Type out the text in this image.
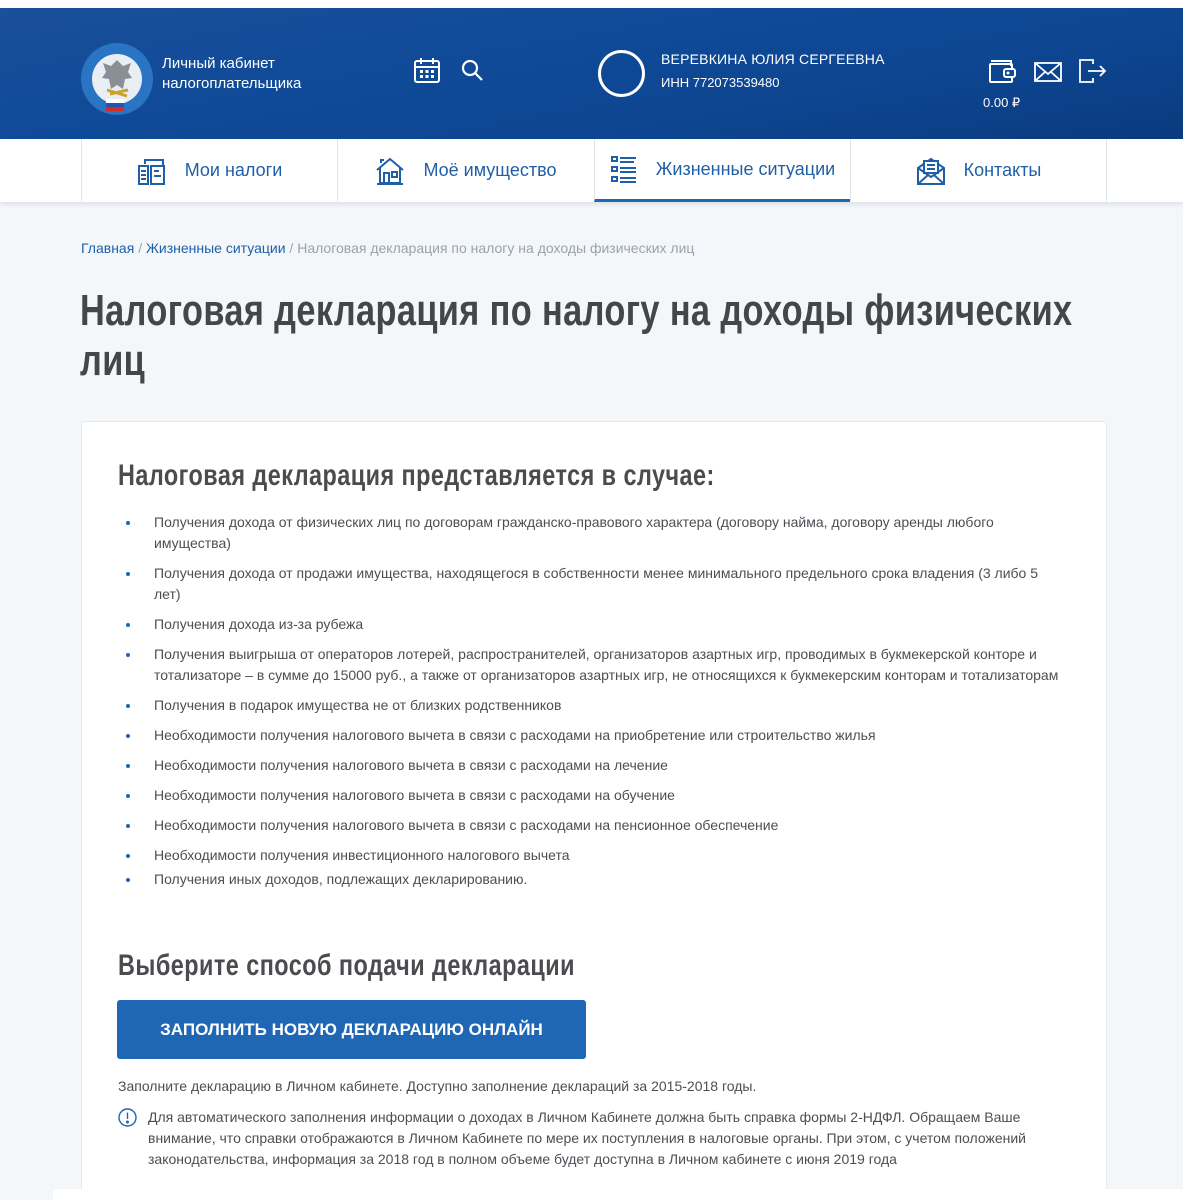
Личный кабинет
налогоплательщика
ВЕРЕВКИНА ЮЛИЯ СЕРГЕЕВНА
ИНН 772073539480
0.00 ₽
Мои налоги	Моё имущество	Жизненные ситуации	Контакты
Главная / Жизненные ситуации / Налоговая декларация по налогу на доходы физических лиц
Налоговая декларация по налогу на доходы физических лиц
Налоговая декларация представляется в случае:
Получения дохода от физических лиц по договорам гражданско-правового характера (договору найма, договору аренды любого имущества)
Получения дохода от продажи имущества, находящегося в собственности менее минимального предельного срока владения (3 либо 5 лет)
Получения дохода из-за рубежа
Получения выигрыша от операторов лотерей, распространителей, организаторов азартных игр, проводимых в букмекерской конторе и тотализаторе – в сумме до 15000 руб., а также от организаторов азартных игр, не относящихся к букмекерским конторам и тотализаторам
Получения в подарок имущества не от близких родственников
Необходимости получения налогового вычета в связи с расходами на приобретение или строительство жилья
Необходимости получения налогового вычета в связи с расходами на лечение
Необходимости получения налогового вычета в связи с расходами на обучение
Необходимости получения налогового вычета в связи с расходами на пенсионное обеспечение
Необходимости получения инвестиционного налогового вычета
Получения иных доходов, подлежащих декларированию.
Выберите способ подачи декларации
ЗАПОЛНИТЬ НОВУЮ ДЕКЛАРАЦИЮ ОНЛАЙН

Заполните декларацию в Личном кабинете. Доступно заполнение деклараций за 2015-2018 годы.

Для автоматического заполнения информации о доходах в Личном Кабинете должна быть справка формы 2-НДФЛ. Обращаем Ваше внимание, что справки отображаются в Личном Кабинете по мере их поступления в налоговые органы. При этом, с учетом положений законодательства, информация за 2018 год в полном объеме будет доступна в Личном кабинете с июня 2019 года
